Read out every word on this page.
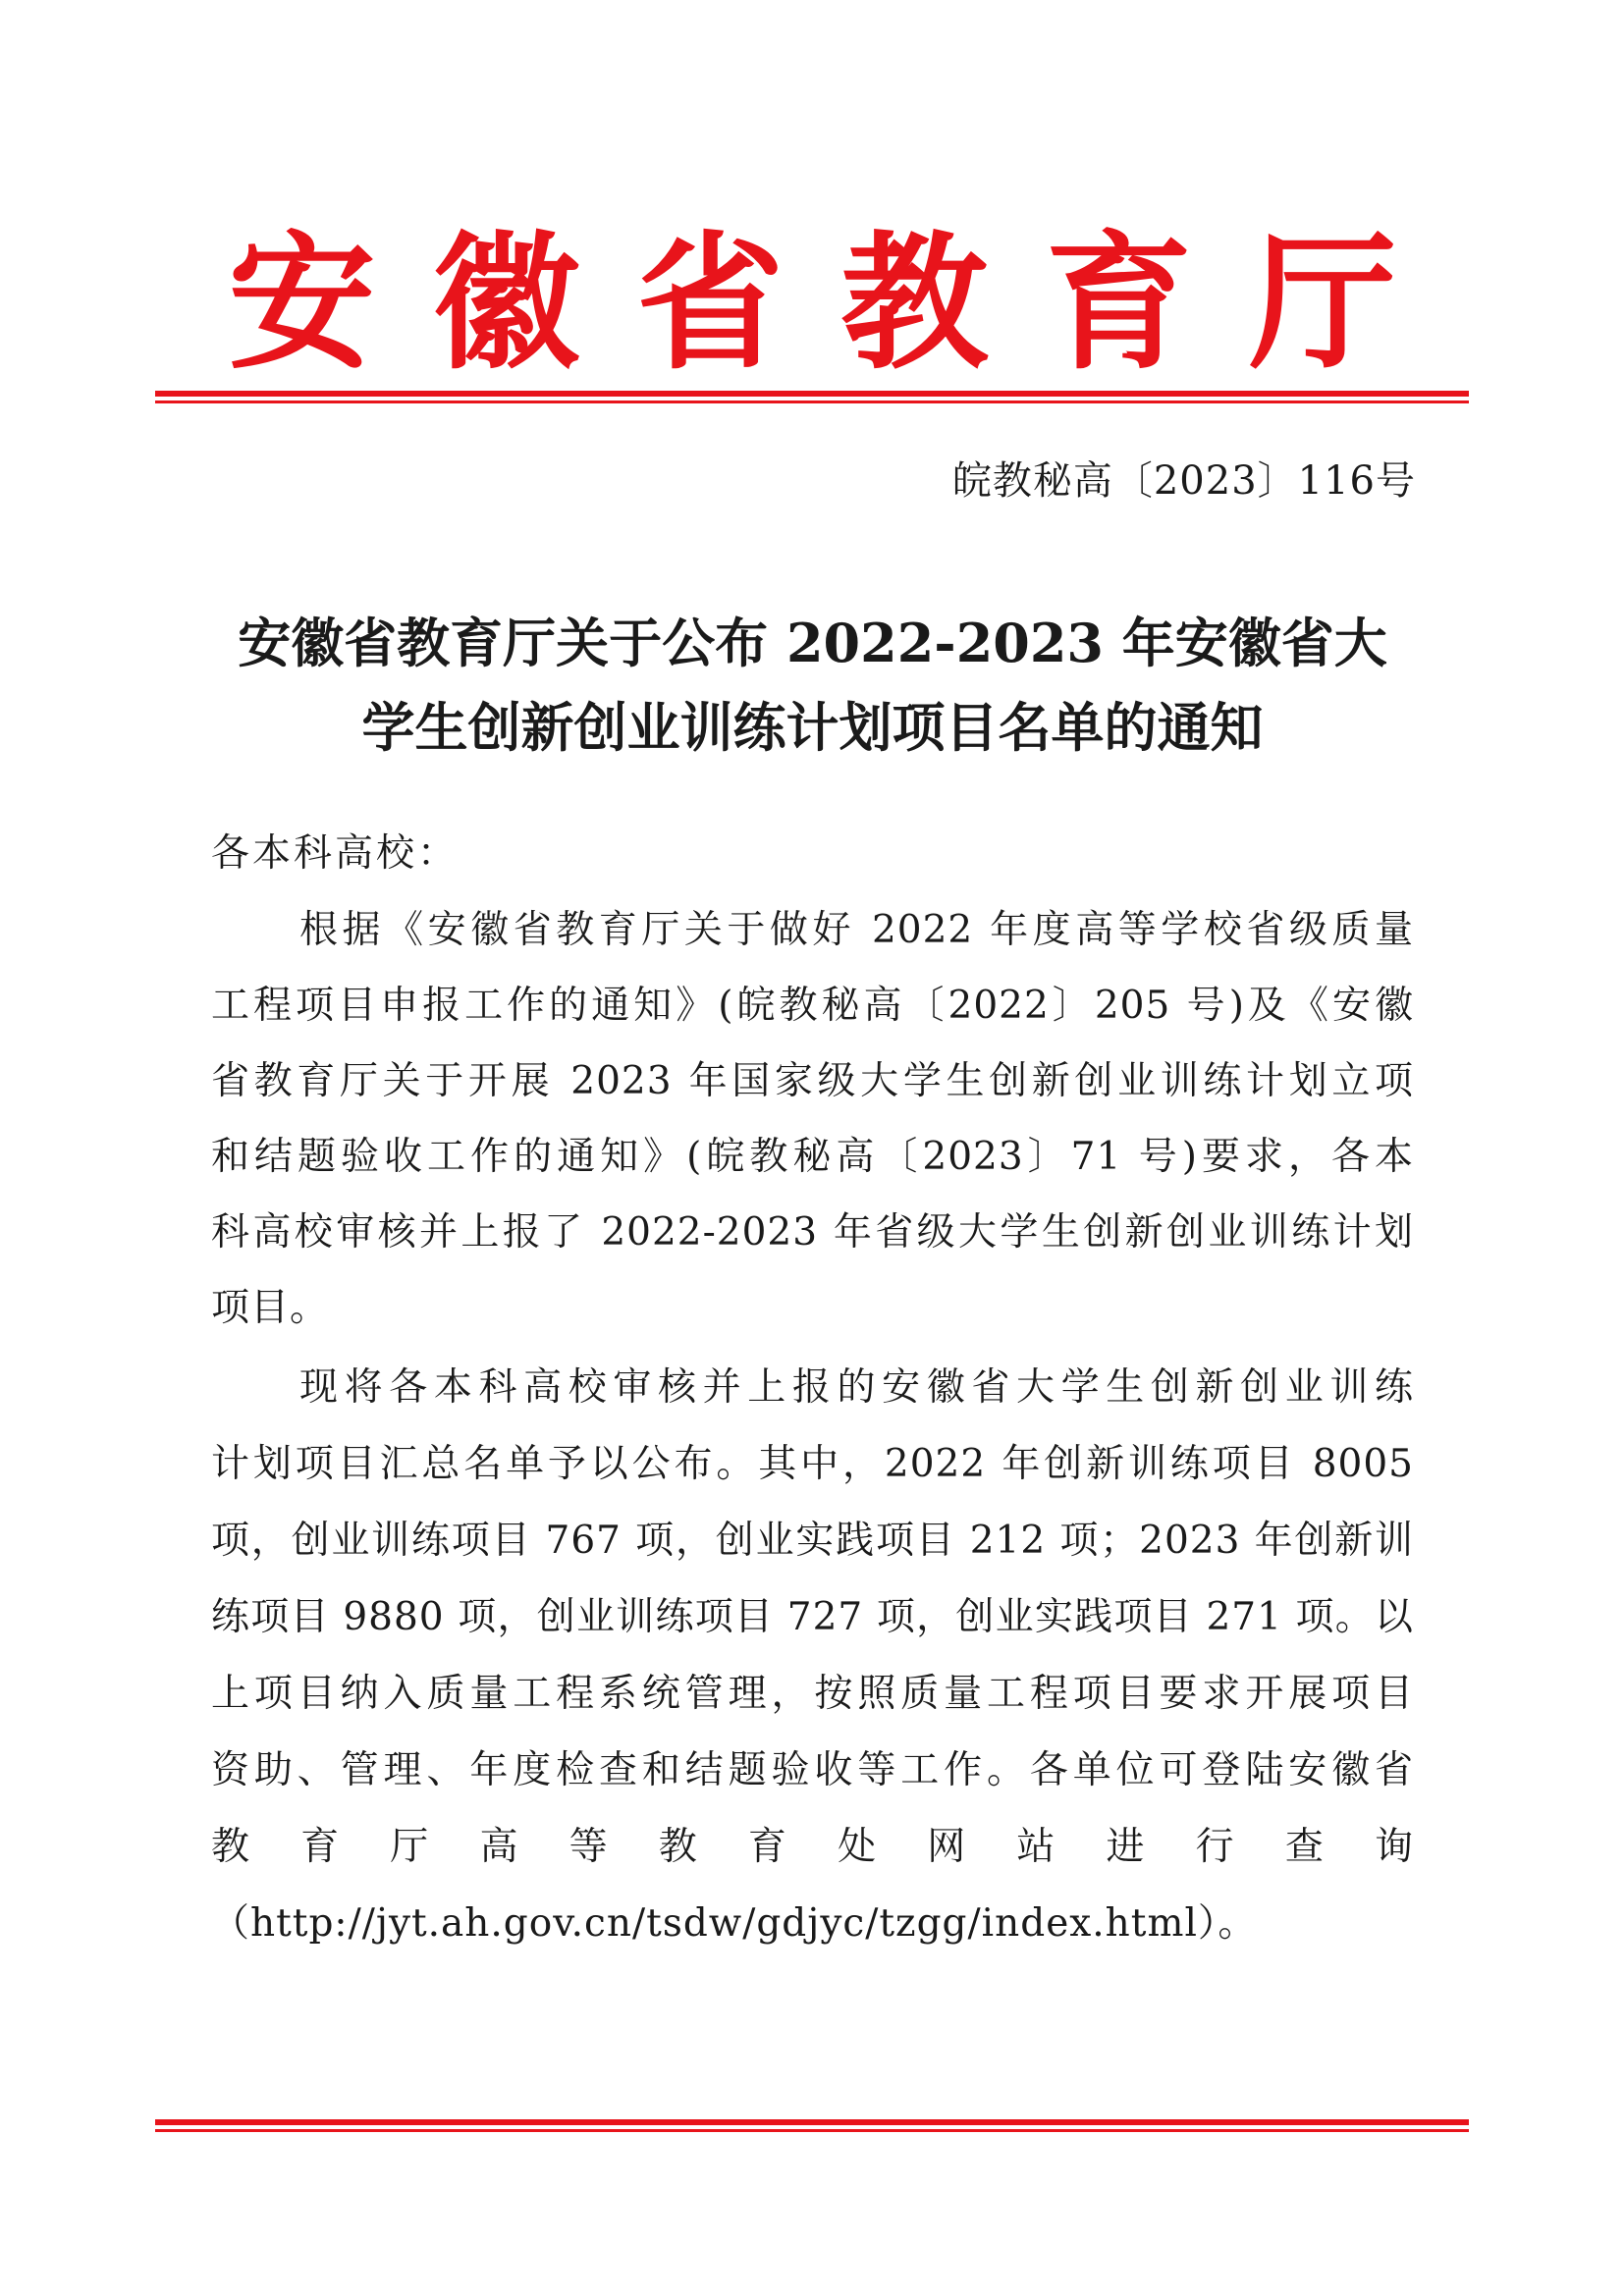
安徽省教育厅
皖教秘高〔2023〕116号
安徽省教育厅关于公布 2022-2023 年安徽省大
学生创新创业训练计划项目名单的通知
各本科高校：
根据《安徽省教育厅关于做好 2022 年度高等学校省级质量
工程项目申报工作的通知》(皖教秘高〔2022〕205 号)及《安徽
省教育厅关于开展 2023 年国家级大学生创新创业训练计划立项
和结题验收工作的通知》(皖教秘高〔2023〕71 号)要求，各本
科高校审核并上报了 2022-2023 年省级大学生创新创业训练计划
项目。
现将各本科高校审核并上报的安徽省大学生创新创业训练
计划项目汇总名单予以公布。其中，2022 年创新训练项目 8005
项，创业训练项目 767 项，创业实践项目 212 项；2023 年创新训
练项目 9880 项，创业训练项目 727 项，创业实践项目 271 项。以
上项目纳入质量工程系统管理，按照质量工程项目要求开展项目
资助、管理、年度检查和结题验收等工作。各单位可登陆安徽省
教 育 厅 高 等 教 育 处 网 站 进 行 查 询
（http://jyt.ah.gov.cn/tsdw/gdjyc/tzgg/index.html）。
